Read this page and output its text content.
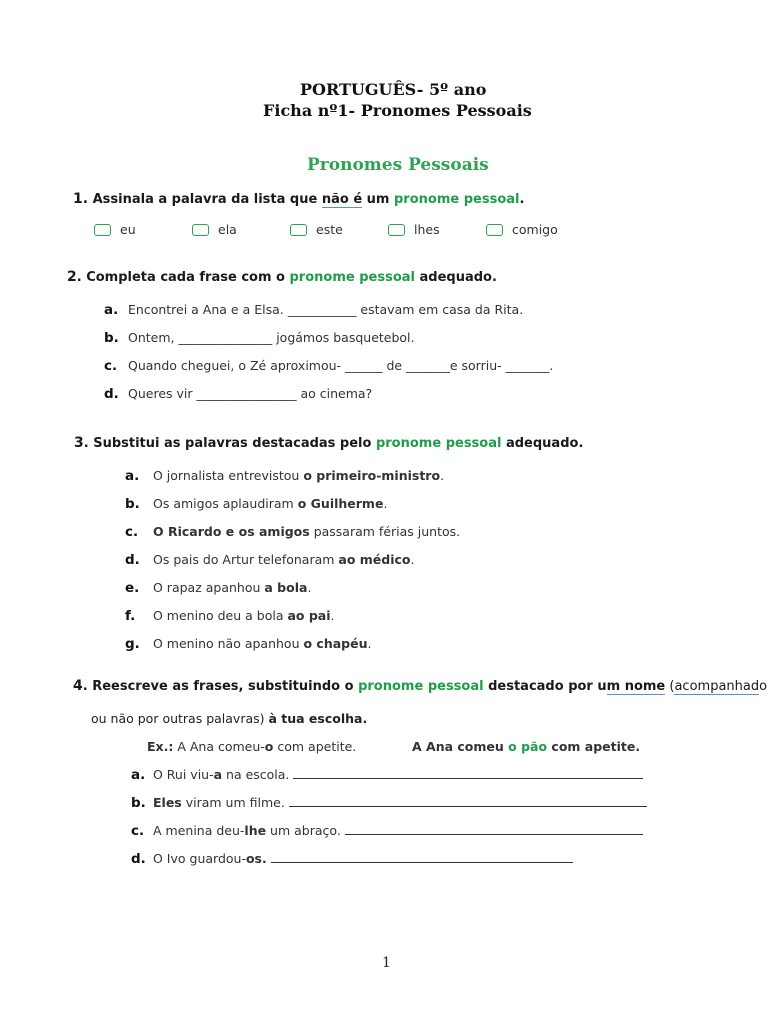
PORTUGUÊS- 5º ano
Ficha nº1- Pronomes Pessoais
Pronomes Pessoais
1. Assinala a palavra da lista que não é um pronome pessoal.
eu	ela	este	lhes	comigo
2. Completa cada frase com o pronome pessoal adequado.
a. Encontrei a Ana e a Elsa. ___________ estavam em casa da Rita.
b. Ontem, _______________ jogámos basquetebol.
c. Quando cheguei, o Zé aproximou- ______ de _______e sorriu- _______.
d. Queres vir ________________ ao cinema?
3. Substitui as palavras destacadas pelo pronome pessoal adequado.
a. O jornalista entrevistou o primeiro-ministro.
b. Os amigos aplaudiram o Guilherme.
c. O Ricardo e os amigos passaram férias juntos.
d. Os pais do Artur telefonaram ao médico.
e. O rapaz apanhou a bola.
f. O menino deu a bola ao pai.
g. O menino não apanhou o chapéu.
4. Reescreve as frases, substituindo o pronome pessoal destacado por um nome (acompanhado
ou não por outras palavras) à tua escolha.
Ex.: A Ana comeu-o com apetite.	A Ana comeu o pão com apetite.
a. O Rui viu-a na escola.
b. Eles viram um filme.
c. A menina deu-lhe um abraço.
d. O Ivo guardou-os.
1
